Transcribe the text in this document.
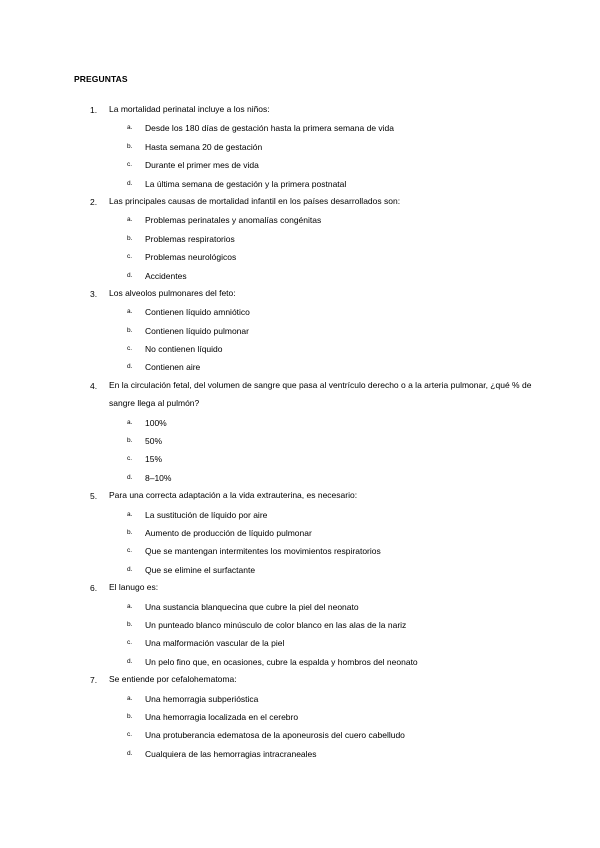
PREGUNTAS
1. La mortalidad perinatal incluye a los niños:
a. Desde los 180 días de gestación hasta la primera semana de vida
b. Hasta semana 20 de gestación
c. Durante el primer mes de vida
d. La última semana de gestación y la primera postnatal
2. Las principales causas de mortalidad infantil en los países desarrollados son:
a. Problemas perinatales y anomalías congénitas
b. Problemas respiratorios
c. Problemas neurológicos
d. Accidentes
3. Los alveolos pulmonares del feto:
a. Contienen líquido amniótico
b. Contienen líquido pulmonar
c. No contienen líquido
d. Contienen aire
4. En la circulación fetal, del volumen de sangre que pasa al ventrículo derecho o a la arteria pulmonar, ¿qué % de sangre llega al pulmón?
a. 100%
b. 50%
c. 15%
d. 8–10%
5. Para una correcta adaptación a la vida extrauterina, es necesario:
a. La sustitución de líquido por aire
b. Aumento de producción de líquido pulmonar
c. Que se mantengan intermitentes los movimientos respiratorios
d. Que se elimine el surfactante
6. El lanugo es:
a. Una sustancia blanquecina que cubre la piel del neonato
b. Un punteado blanco minúsculo de color blanco en las alas de la nariz
c. Una malformación vascular de la piel
d. Un pelo fino que, en ocasiones, cubre la espalda y hombros del neonato
7. Se entiende por cefalohematoma:
a. Una hemorragia subperióstica
b. Una hemorragia localizada en el cerebro
c. Una protuberancia edematosa de la aponeurosis del cuero cabelludo
d. Cualquiera de las hemorragias intracraneales
